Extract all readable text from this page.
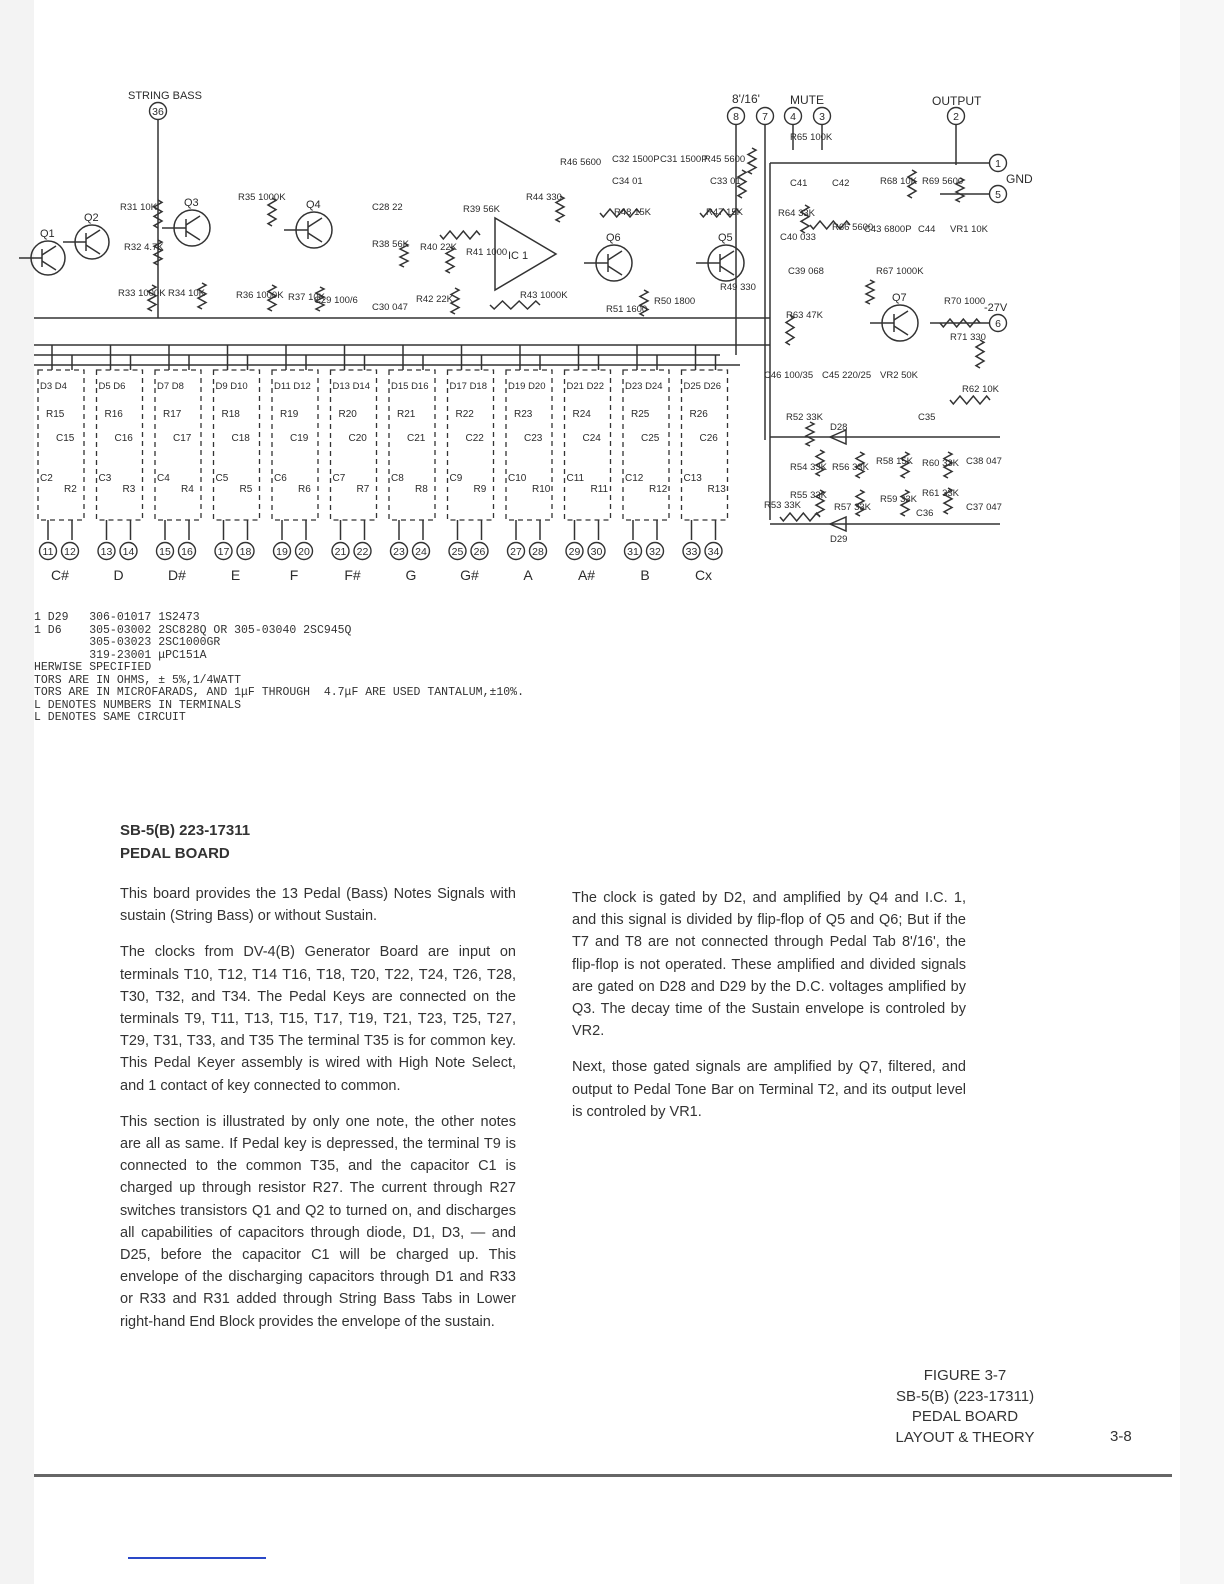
STRING BASS
36
8'/16'	MUTE	OUTPUT
GND
-27V
8 7 4 3	2
1
5
6
Q1
Q2
Q3	Q4
Q6	Q5
Q7
IC 1
R31 10K
R32 4.7K
R33 1000K R34 10K
R35 1000K
R36 1000K R37 10K
C28 22
C29 100/6
C30 047
R38 56K
R39 56K
R40 22K R41 1000
R42 22K	R43 1000K
R44 330
R46 5600 C32 1500P C31 1500P
R45 5600
C34 01	C33 01
R48 15K	R47 15K
R51 1600
R50 1800
R49 330
R65 100K
C41	C42	R68 10K R69 5600
R64 33K
R66 5600
C43 6800P C44 VR1 10K
C40 033
C39 068	R67 1000K
R63 47K
R70 1000
R71 330
C46 100/35 C45 220/25 VR2 50K
R62 10K
R52 33K
D28
C35
R54 33K R56 33K
R58 15K R60 33K C38 047
R55 33K
R57 33K
R59 33K
R61 33K
C36
C37 047
R53 33K
D29
D3 D4
R15
C15
C2
R2
D5 D6
R16
C16
C3
R3
D7 D8
R17
C17
C4
R4
D9 D10
R18
C18
C5
R5
D11 D12
R19
C19
C6
R6
D13 D14
R20
C20
C7
R7
D15 D16
R21
C21
C8
R8
D17 D18
R22
C22
C9
R9
D19 D20
R23
C23
C10
R10
D21 D22
R24
C24
C11
R11
D23 D24
R25
C25
C12
R12
D25 D26
R26
C26
C13
R13
11 12
C#
13 14
D
15 16
D#
17 18
E
19 20
F
21 22
F#
23 24
G
25 26
G#
27 28
A
29 30
A#
31 32
B
33 34
Cx
1 D29   306-01017 1S2473
1 D6    305-03002 2SC828Q OR 305-03040 2SC945Q
305-03023 2SC1000GR
319-23001 μPC151A
HERWISE SPECIFIED
TORS ARE IN OHMS, ± 5%,1/4WATT
TORS ARE IN MICROFARADS, AND 1μF THROUGH  4.7μF ARE USED TANTALUM,±10%.
L DENOTES NUMBERS IN TERMINALS
L DENOTES SAME CIRCUIT
SB-5(B) 223-17311
PEDAL BOARD

This board provides the 13 Pedal (Bass) Notes Signals with sustain (String Bass) or without Sustain.

The clocks from DV-4(B) Generator Board are input on terminals T10, T12, T14 T16, T18, T20, T22, T24, T26, T28, T30, T32, and T34. The Pedal Keys are connected on the terminals T9, T11, T13, T15, T17, T19, T21, T23, T25, T27, T29, T31, T33, and T35 The terminal T35 is for common key. This Pedal Keyer assembly is wired with High Note Select, and 1 contact of key connected to common.

This section is illustrated by only one note, the other notes are all as same. If Pedal key is depressed, the terminal T9 is connected to the common T35, and the capacitor C1 is charged up through resistor R27. The current through R27 switches transistors Q1 and Q2 to turned on, and discharges all capabilities of capacitors through diode, D1, D3, — and D25, before the capacitor C1 will be charged up. This envelope of the discharging capacitors through D1 and R33 or R33 and R31 added through String Bass Tabs in Lower right-hand End Block provides the envelope of the sustain.

The clock is gated by D2, and amplified by Q4 and I.C. 1, and this signal is divided by flip-flop of Q5 and Q6; But if the T7 and T8 are not connected through Pedal Tab 8'/16', the flip-flop is not operated. These amplified and divided signals are gated on D28 and D29 by the D.C. voltages amplified by Q3. The decay time of the Sustain envelope is controled by VR2.

Next, those gated signals are amplified by Q7, filtered, and output to Pedal Tone Bar on Terminal T2, and its output level is controled by VR1.

FIGURE 3-7
SB-5(B) (223-17311)
PEDAL BOARD
LAYOUT & THEORY	3-8
